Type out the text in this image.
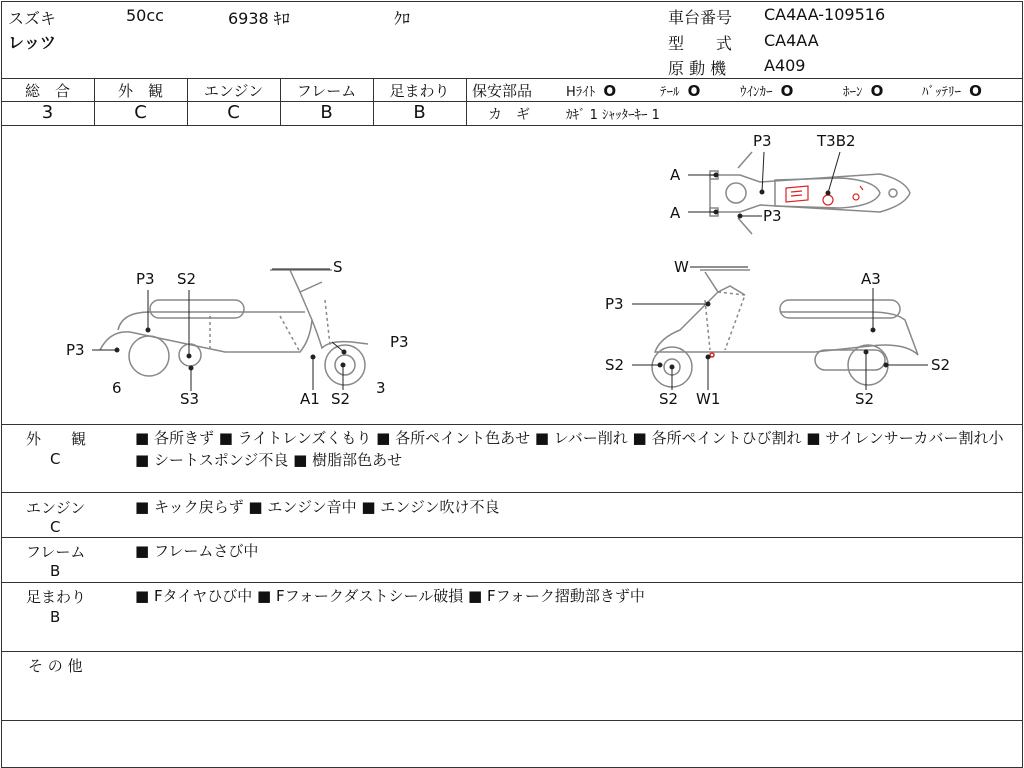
スズキ
レッツ
50cc	6938 ｷﾛ	ｸﾛ	車台番号 CA4AA-109516
型　　式 CA4AA
原 動 機 A409
総　合	外　観	エンジン	フレーム	足まわり
3	C	C	B	B
保安部品	Hﾗｲﾄ O	ﾃｰﾙ O	ｳｲﾝｶｰ O	ﾎｰﾝ O	ﾊﾞｯﾃﾘｰ O
カ　ギ	ｶｷﾞ 1 ｼｬｯﾀｰｷｰ 1
A
A
P3
P3
T3B2
P3 S2
S
P3
P3
6
S3	A1 S2
3
W
A3
P3
S2
S2 W1
S2
S2
外　　観
C
■ 各所きず ■ ライトレンズくもり ■ 各所ペイント色あせ ■ レバー削れ ■ 各所ペイントひび割れ ■ サイレンサーカバー割れ小 ■ シートスポンジ不良 ■ 樹脂部色あせ
エンジン
C
■ キック戻らず ■ エンジン音中 ■ エンジン吹け不良
フレーム
B
■ フレームさび中
足まわり
B
■ Fタイヤひび中 ■ Fフォークダストシール破損 ■ Fフォーク摺動部きず中
そ の 他
